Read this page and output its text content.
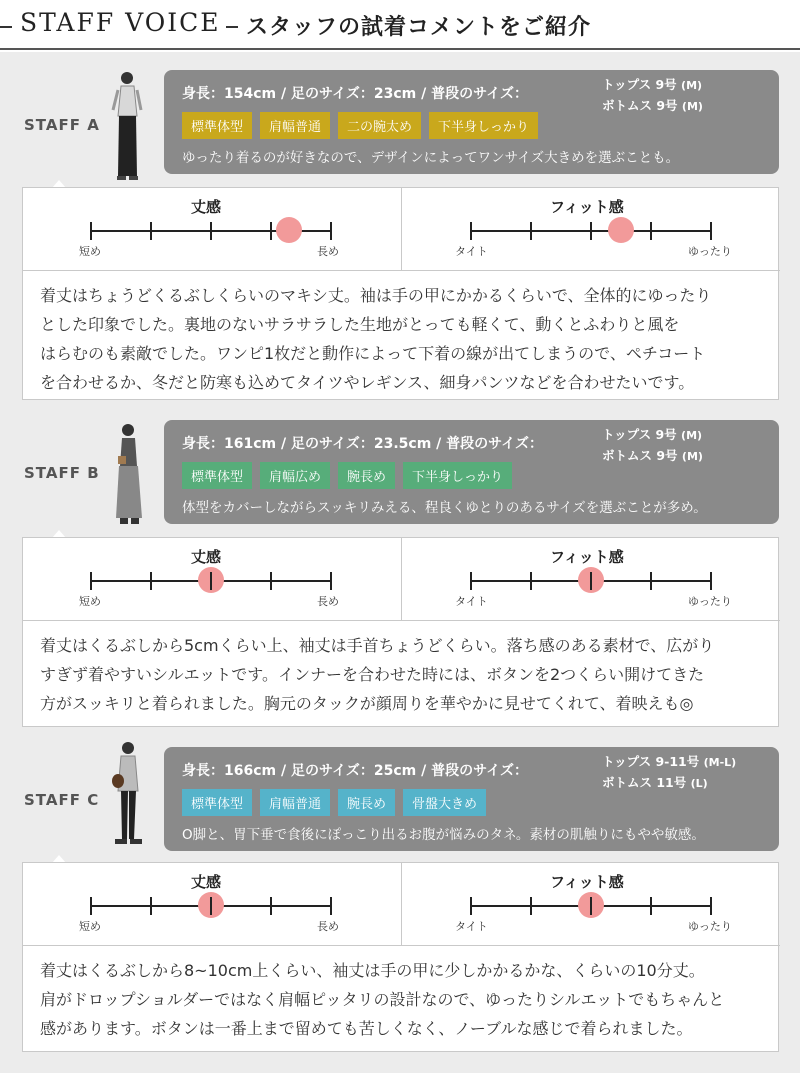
STAFF VOICE スタッフの試着コメントをご紹介
STAFF A
身長：154cm / 足のサイズ：23cm / 普段のサイズ：
トップス 9号 (M)
ボトムス 9号 (M)
標準体型	肩幅普通	二の腕太め	下半身しっかり
ゆったり着るのが好きなので、デザインによってワンサイズ大きめを選ぶことも。
丈感
短め	長め
フィット感
タイト	ゆったり

着丈はちょうどくるぶしくらいのマキシ丈。袖は手の甲にかかるくらいで、全体的にゆったり

とした印象でした。裏地のないサラサラした生地がとっても軽くて、動くとふわりと風を

はらむのも素敵でした。ワンピ1枚だと動作によって下着の線が出てしまうので、ペチコート

を合わせるか、冬だと防寒も込めてタイツやレギンス、細身パンツなどを合わせたいです。

STAFF B
身長：161cm / 足のサイズ：23.5cm / 普段のサイズ：
トップス 9号 (M)
ボトムス 9号 (M)
標準体型	肩幅広め	腕長め	下半身しっかり
体型をカバーしながらスッキリみえる、程良くゆとりのあるサイズを選ぶことが多め。
丈感
短め	長め
フィット感
タイト	ゆったり

着丈はくるぶしから5cmくらい上、袖丈は手首ちょうどくらい。落ち感のある素材で、広がり

すぎず着やすいシルエットです。インナーを合わせた時には、ボタンを2つくらい開けてきた

方がスッキリと着られました。胸元のタックが顔周りを華やかに見せてくれて、着映えも◎

STAFF C
身長：166cm / 足のサイズ：25cm / 普段のサイズ：
トップス 9-11号 (M-L)
ボトムス 11号 (L)
標準体型	肩幅普通	腕長め	骨盤大きめ
O脚と、胃下垂で食後にぽっこり出るお腹が悩みのタネ。素材の肌触りにもやや敏感。
丈感
短め	長め
フィット感
タイト	ゆったり

着丈はくるぶしから8~10cm上くらい、袖丈は手の甲に少しかかるかな、くらいの10分丈。

肩がドロップショルダーではなく肩幅ピッタリの設計なので、ゆったりシルエットでもちゃんと

感があります。ボタンは一番上まで留めても苦しくなく、ノーブルな感じで着られました。
